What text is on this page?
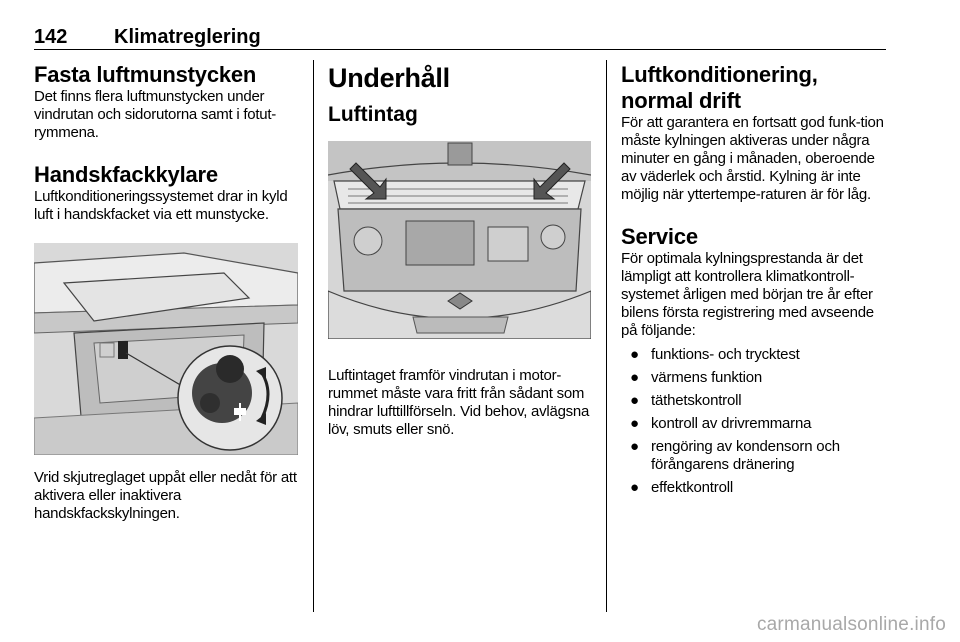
142 Klimatreglering
Fasta luftmunstycken
Det finns flera luftmunstycken under vindrutan och sidorutorna samt i fotut-rymmena.
Handskfackkylare
Luftkonditioneringssystemet drar in kyld luft i handskfacket via ett munstycke.
Vrid skjutreglaget uppåt eller nedåt för att aktivera eller inaktivera handskfackskylningen.
Underhåll
Luftintag
Luftintaget framför vindrutan i motor-rummet måste vara fritt från sådant som hindrar lufttillförseln. Vid behov, avlägsna löv, smuts eller snö.
Luftkonditionering, normal drift
För att garantera en fortsatt god funk-tion måste kylningen aktiveras under några minuter en gång i månaden, oberoende av väderlek och årstid. Kylning är inte möjlig när yttertempe-raturen är för låg.
Service
För optimala kylningsprestanda är det lämpligt att kontrollera klimatkontroll-systemet årligen med början tre år efter bilens första registrering med avseende på följande:
● funktions- och trycktest
● värmens funktion
● täthetskontroll
● kontroll av drivremmarna
● rengöring av kondensorn och förångarens dränering
● effektkontroll
carmanualsonline.info
